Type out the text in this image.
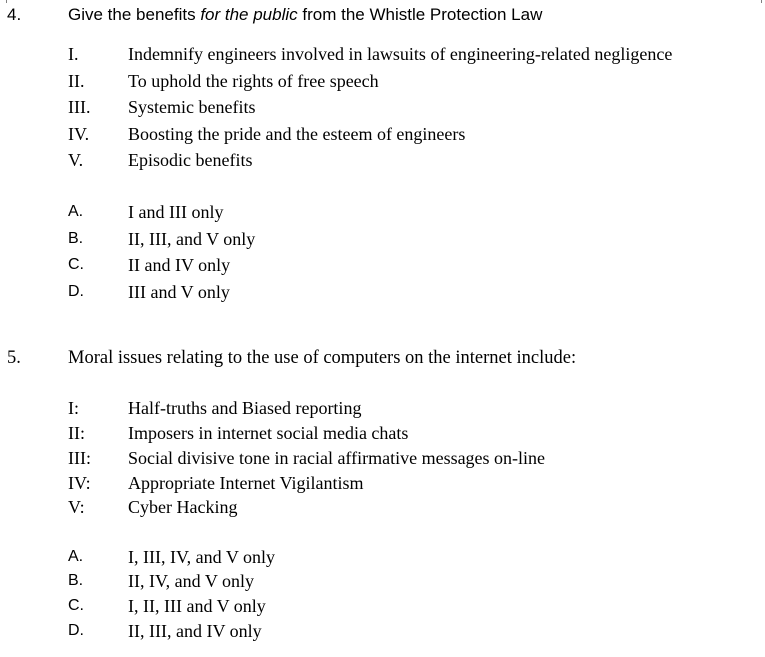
4.	Give the benefits for the public from the Whistle Protection Law
I.	Indemnify engineers involved in lawsuits of engineering-related negligence
II. To uphold the rights of free speech
III. Systemic benefits
IV. Boosting the pride and the esteem of engineers
V. Episodic benefits
A. I and III only
B. II, III, and V only
C. II and IV only
D. III and V only
5.	Moral issues relating to the use of computers on the internet include:
I:	Half-truths and Biased reporting
II: Imposers in internet social media chats
III: Social divisive tone in racial affirmative messages on-line
IV: Appropriate Internet Vigilantism
V: Cyber Hacking
A. I, III, IV, and V only
B. II, IV, and V only
C. I, II, III and V only
D. II, III, and IV only
